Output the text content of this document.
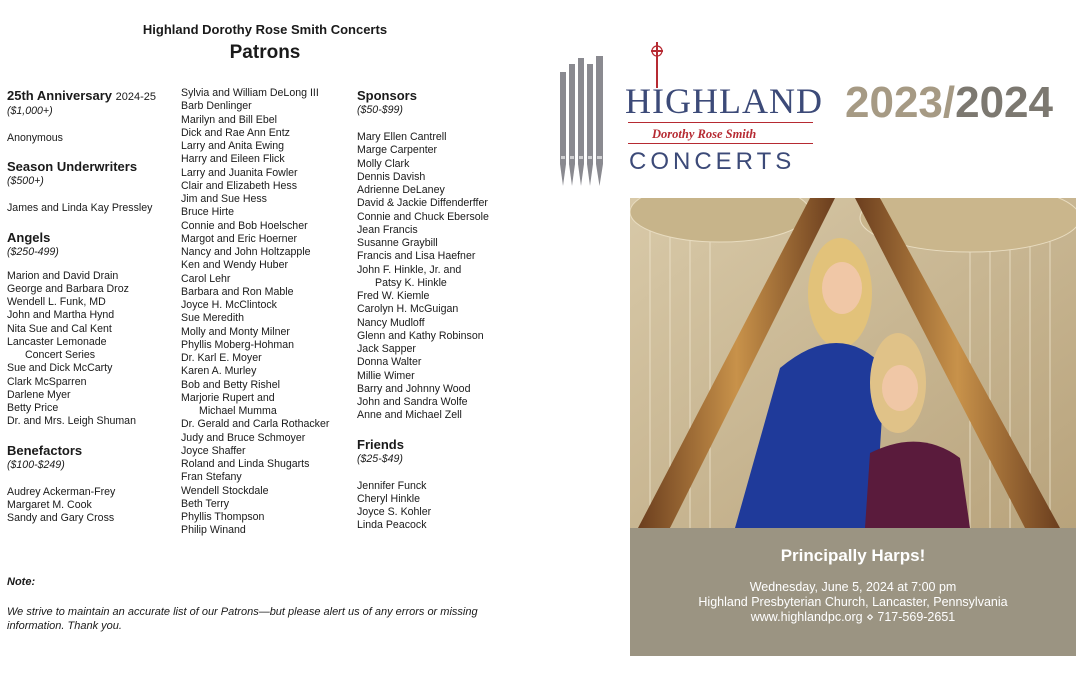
Highland Dorothy Rose Smith Concerts
Patrons
25th Anniversary 2024-25
($1,000+)
Anonymous
Season Underwriters
($500+)
James and Linda Kay Pressley
Angels
($250-499)
Marion and David Drain
George and Barbara Droz
Wendell L. Funk, MD
John and Martha Hynd
Nita Sue and Cal Kent
Lancaster Lemonade
Concert Series
Sue and Dick McCarty
Clark McSparren
Darlene Myer
Betty Price
Dr. and Mrs. Leigh Shuman
Benefactors
($100-$249)
Audrey Ackerman-Frey
Margaret M. Cook
Sandy and Gary Cross
Sylvia and William DeLong III
Barb Denlinger
Marilyn and Bill Ebel
Dick and Rae Ann Entz
Larry and Anita Ewing
Harry and Eileen Flick
Larry and Juanita Fowler
Clair and Elizabeth Hess
Jim and Sue Hess
Bruce Hirte
Connie and Bob Hoelscher
Margot and Eric Hoerner
Nancy and John Holtzapple
Ken and Wendy Huber
Carol Lehr
Barbara and Ron Mable
Joyce H. McClintock
Sue Meredith
Molly and Monty Milner
Phyllis Moberg-Hohman
Dr. Karl E. Moyer
Karen A. Murley
Bob and Betty Rishel
Marjorie Rupert and
Michael Mumma
Dr. Gerald and Carla Rothacker
Judy and Bruce Schmoyer
Joyce Shaffer
Roland and Linda Shugarts
Fran Stefany
Wendell Stockdale
Beth Terry
Phyllis Thompson
Philip Winand
Sponsors
($50-$99)
Mary Ellen Cantrell
Marge Carpenter
Molly Clark
Dennis Davish
Adrienne DeLaney
David & Jackie Diffenderffer
Connie and Chuck Ebersole
Jean Francis
Susanne Graybill
Francis and Lisa Haefner
John F. Hinkle, Jr. and
Patsy K. Hinkle
Fred W. Kiemle
Carolyn H. McGuigan
Nancy Mudloff
Glenn and Kathy Robinson
Jack Sapper
Donna Walter
Millie Wimer
Barry and Johnny Wood
John and Sandra Wolfe
Anne and Michael Zell
Friends
($25-$49)
Jennifer Funck
Cheryl Hinkle
Joyce S. Kohler
Linda Peacock
Note:
We strive to maintain an accurate list of our Patrons—but please alert us of any errors or missing information. Thank you.
HIGHLAND
Dorothy Rose Smith
CONCERTS
2023/2024
Principally Harps!
Wednesday, June 5, 2024 at 7:00 pm
Highland Presbyterian Church, Lancaster, Pennsylvania
www.highlandpc.org ⋄ 717-569-2651
